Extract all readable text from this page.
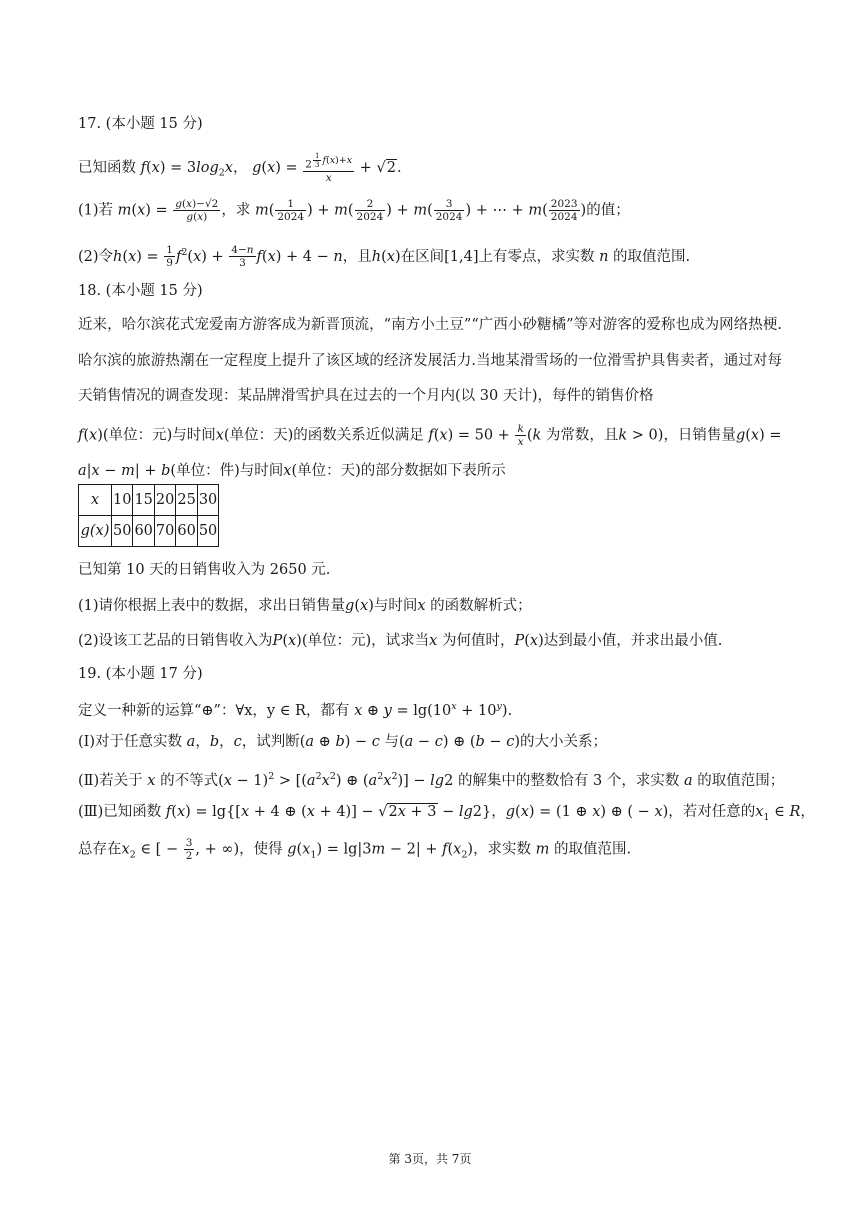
17. (本小题 15 分)
已知函数 $f(x) = 3\log_2x$， $g(x) = \frac{2 \frac{1}{3} f(x)+x}{x} + √2$.
(1)若 $m(x) = \frac{g(x)-√2}{g(x)}$ ，求 $m( \frac{1}{2024}$ ) + $m( \frac{2}{2024}$ ) + $m( \frac{3}{2024}$ ) + ⋯ + $m( \frac{2023}{2024}$ )的值；
(2)令$h(x) = \frac{1}{9} f^2(x) + \frac{4-n}{3} f(x) + 4 - n$，且h(x)在区间[1,4]上有零点，求实数 n 的取值范围.
18. (本小题 15 分)
近来，哈尔滨花式宠爱南方游客成为新晋顶流，“南方小土豆”“广西小砂糖橘”等对游客的爱称也成为网络热梗.哈尔滨的旅游热潮在一定程度上提升了该区域的经济发展活力.当地某滑雪场的一位滑雪护具售卖者，通过对每天销售情况的调查发现：某品牌滑雪护具在过去的一个月内(以 30 天计)，每件的销售价格
f(x)(单位：元)与时间x(单位：天)的函数关系近似满足 $f(x) = 50 + \frac{k}{x} (k$ 为常数，且k > 0)，日销售量g(x) =
a|x − m| + b(单位：件)与时间x(单位：天)的部分数据如下表所示
x	10	15	20	25	30
g(x)	50	60	70	60	50
已知第 10 天的日销售收入为 2650 元.
(1)请你根据上表中的数据，求出日销售量g(x)与时间x 的函数解析式；
(2)设该工艺品的日销售收入为P(x)(单位：元)，试求当x 为何值时，P(x)达到最小值，并求出最小值.
19. (本小题 17 分)
定义一种新的运算“⊕”：∀x，y ∈ R，都有 x ⊕ $y = \lg(10^x + 10^y)$.
(Ⅰ)对于任意实数 a，b，c，试判断(a ⊕ b) − c 与(a − c) ⊕ (b − c)的大小关系；
(Ⅱ)若关于 x 的不等式$(x - 1)^2 > [(a^2x^2)$ ⊕ $(a^2x^2)] - \lg 2$ 的解集中的整数恰有 3 个，求实数 a 的取值范围；
(Ⅲ)已知函数 f(x) = lg{[x + 4 ⊕ (x + 4)] − √2x + 3 − lg2}，g(x) = (1 ⊕ x) ⊕ ( − x)，若对任意的$x_1$ ∈ R，
总存在$x_2$ ∈ [ − $\frac{3}{2}$ , + ∞)，使得 $g(x_1) = \lg|3m - 2| + f(x_2)$，求实数 m 的取值范围.
第 3页，共 7页
